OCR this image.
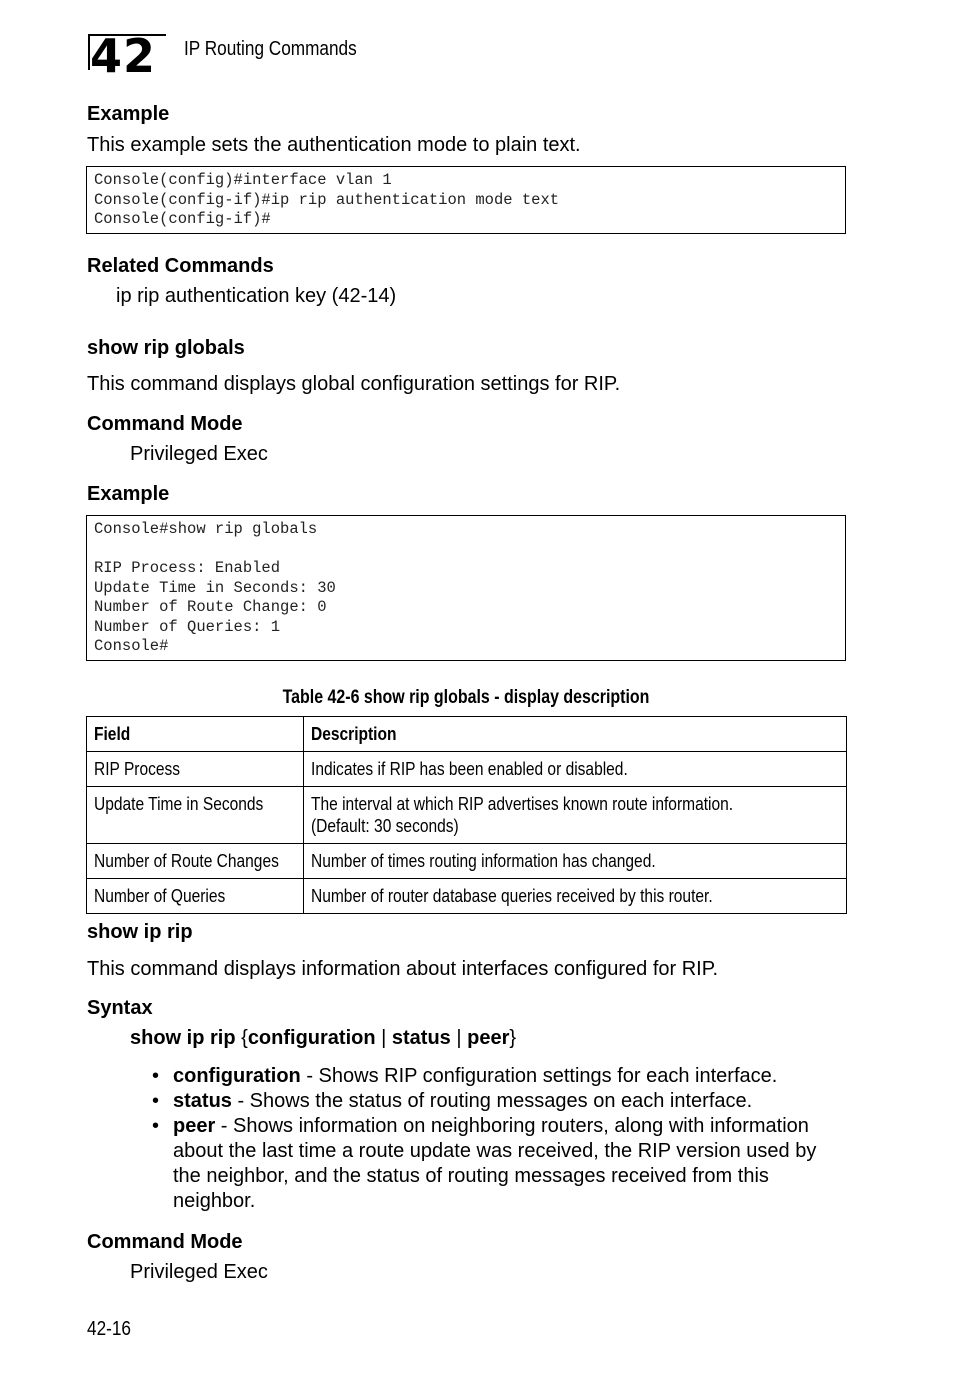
42 IP Routing Commands
Example

This example sets the authentication mode to plain text.

Console(config)#interface vlan 1
Console(config-if)#ip rip authentication mode text
Console(config-if)#
Related Commands

ip rip authentication key (42-14)

show rip globals

This command displays global configuration settings for RIP.

Command Mode

Privileged Exec

Example
Console#show rip globals

RIP Process: Enabled
Update Time in Seconds: 30
Number of Route Change: 0
Number of Queries: 1
Console#
Table 42-6 show rip globals - display description
Field	Description
RIP Process	Indicates if RIP has been enabled or disabled.
Update Time in Seconds	The interval at which RIP advertises known route information.
(Default: 30 seconds)
Number of Route Changes	Number of times routing information has changed.
Number of Queries	Number of router database queries received by this router.
show ip rip

This command displays information about interfaces configured for RIP.

Syntax

show ip rip {configuration | status | peer}

• configuration - Shows RIP configuration settings for each interface.
• status - Shows the status of routing messages on each interface.
• peer - Shows information on neighboring routers, along with information about the last time a route update was received, the RIP version used by the neighbor, and the status of routing messages received from this neighbor.
Command Mode

Privileged Exec

42-16
